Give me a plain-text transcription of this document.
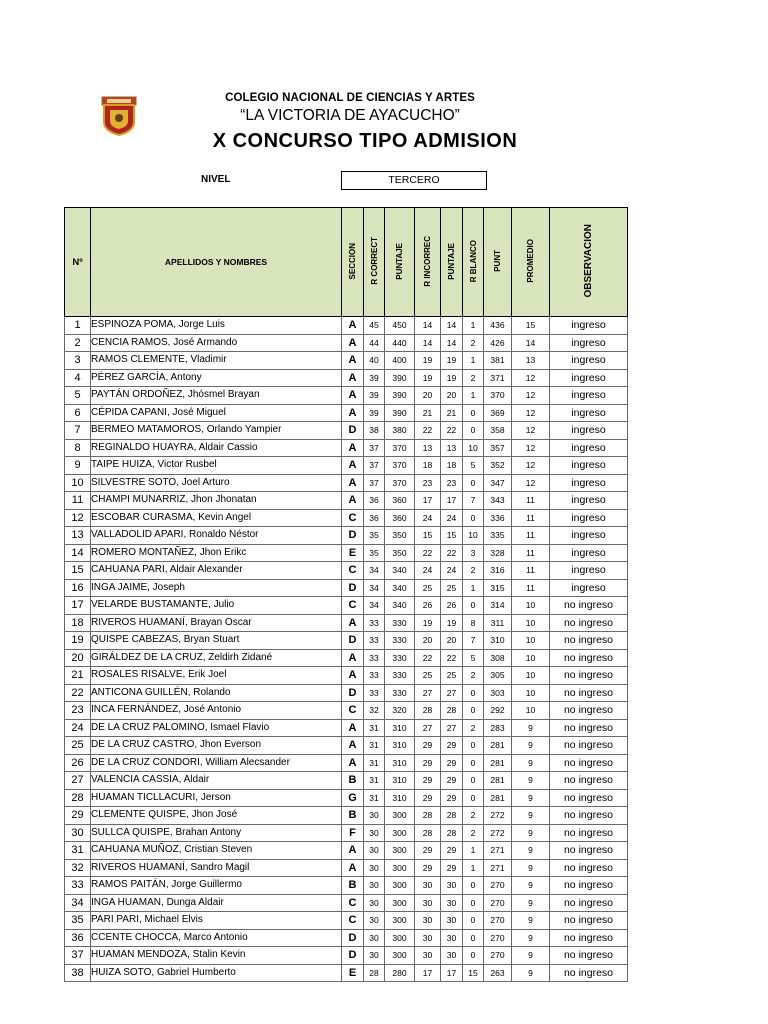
COLEGIO NACIONAL DE CIENCIAS Y ARTES
“LA VICTORIA DE AYACUCHO”
X CONCURSO TIPO ADMISION
NIVEL	TERCERO
Nº	APELLIDOS Y NOMBRES	SECCION	R CORRECT	PUNTAJE	R INCORREC	PUNTAJE	R BLANCO	PUNT	PROMEDIO	OBSERVACION
1	ESPINOZA POMA, Jorge Luis	A	45	450	14	14	1	436	15	ingreso
2	CENCIA RAMOS, José Armando	A	44	440	14	14	2	426	14	ingreso
3	RAMOS CLEMENTE, Vladimir	A	40	400	19	19	1	381	13	ingreso
4	PÉREZ GARCÍA, Antony	A	39	390	19	19	2	371	12	ingreso
5	PAYTÁN ORDOÑEZ, Jhósmel Brayan	A	39	390	20	20	1	370	12	ingreso
6	CÉPIDA CAPANI, José Miguel	A	39	390	21	21	0	369	12	ingreso
7	BERMEO MATAMOROS, Orlando Yampier	D	38	380	22	22	0	358	12	ingreso
8	REGINALDO HUAYRA, Aldair Cassio	A	37	370	13	13	10	357	12	ingreso
9	TAIPE HUIZA, Victor Rusbel	A	37	370	18	18	5	352	12	ingreso
10	SILVESTRE SOTO, Joel Arturo	A	37	370	23	23	0	347	12	ingreso
11	CHAMPI MUNARRIZ, Jhon Jhonatan	A	36	360	17	17	7	343	11	ingreso
12	ESCOBAR CURASMA, Kevin Angel	C	36	360	24	24	0	336	11	ingreso
13	VALLADOLID APARI, Ronaldo Néstor	D	35	350	15	15	10	335	11	ingreso
14	ROMERO MONTAÑEZ, Jhon Erikc	E	35	350	22	22	3	328	11	ingreso
15	CAHUANA PARI, Aldair Alexander	C	34	340	24	24	2	316	11	ingreso
16	INGA JAIME, Joseph	D	34	340	25	25	1	315	11	ingreso
17	VELARDE BUSTAMANTE, Julio	C	34	340	26	26	0	314	10	no ingreso
18	RIVEROS HUAMANÍ, Brayan Oscar	A	33	330	19	19	8	311	10	no ingreso
19	QUISPE CABEZAS, Bryan Stuart	D	33	330	20	20	7	310	10	no ingreso
20	GIRÁLDEZ DE LA CRUZ, Zeldirh Zidané	A	33	330	22	22	5	308	10	no ingreso
21	ROSALES RISALVE, Erik Joel	A	33	330	25	25	2	305	10	no ingreso
22	ANTICONA GUILLÉN, Rolando	D	33	330	27	27	0	303	10	no ingreso
23	INCA FERNÁNDEZ, José Antonio	C	32	320	28	28	0	292	10	no ingreso
24	DE LA CRUZ PALOMINO, Ismael Flavio	A	31	310	27	27	2	283	9	no ingreso
25	DE LA CRUZ CASTRO, Jhon Everson	A	31	310	29	29	0	281	9	no ingreso
26	DE LA CRUZ CONDORI, William Alecsander	A	31	310	29	29	0	281	9	no ingreso
27	VALENCIA CASSIA, Aldair	B	31	310	29	29	0	281	9	no ingreso
28	HUAMAN TICLLACURI, Jerson	G	31	310	29	29	0	281	9	no ingreso
29	CLEMENTE QUISPE, Jhon José	B	30	300	28	28	2	272	9	no ingreso
30	SULLCA QUISPE, Brahan Antony	F	30	300	28	28	2	272	9	no ingreso
31	CAHUANA MUÑOZ, Cristian Steven	A	30	300	29	29	1	271	9	no ingreso
32	RIVEROS HUAMANÍ, Sandro Magil	A	30	300	29	29	1	271	9	no ingreso
33	RAMOS PAITÁN, Jorge Guillermo	B	30	300	30	30	0	270	9	no ingreso
34	INGA HUAMAN, Dunga Aldair	C	30	300	30	30	0	270	9	no ingreso
35	PARI PARI, Michael Elvis	C	30	300	30	30	0	270	9	no ingreso
36	CCENTE CHOCCA, Marco Antonio	D	30	300	30	30	0	270	9	no ingreso
37	HUAMAN MENDOZA, Stalin Kevin	D	30	300	30	30	0	270	9	no ingreso
38	HUIZA SOTO, Gabriel Humberto	E	28	280	17	17	15	263	9	no ingreso
